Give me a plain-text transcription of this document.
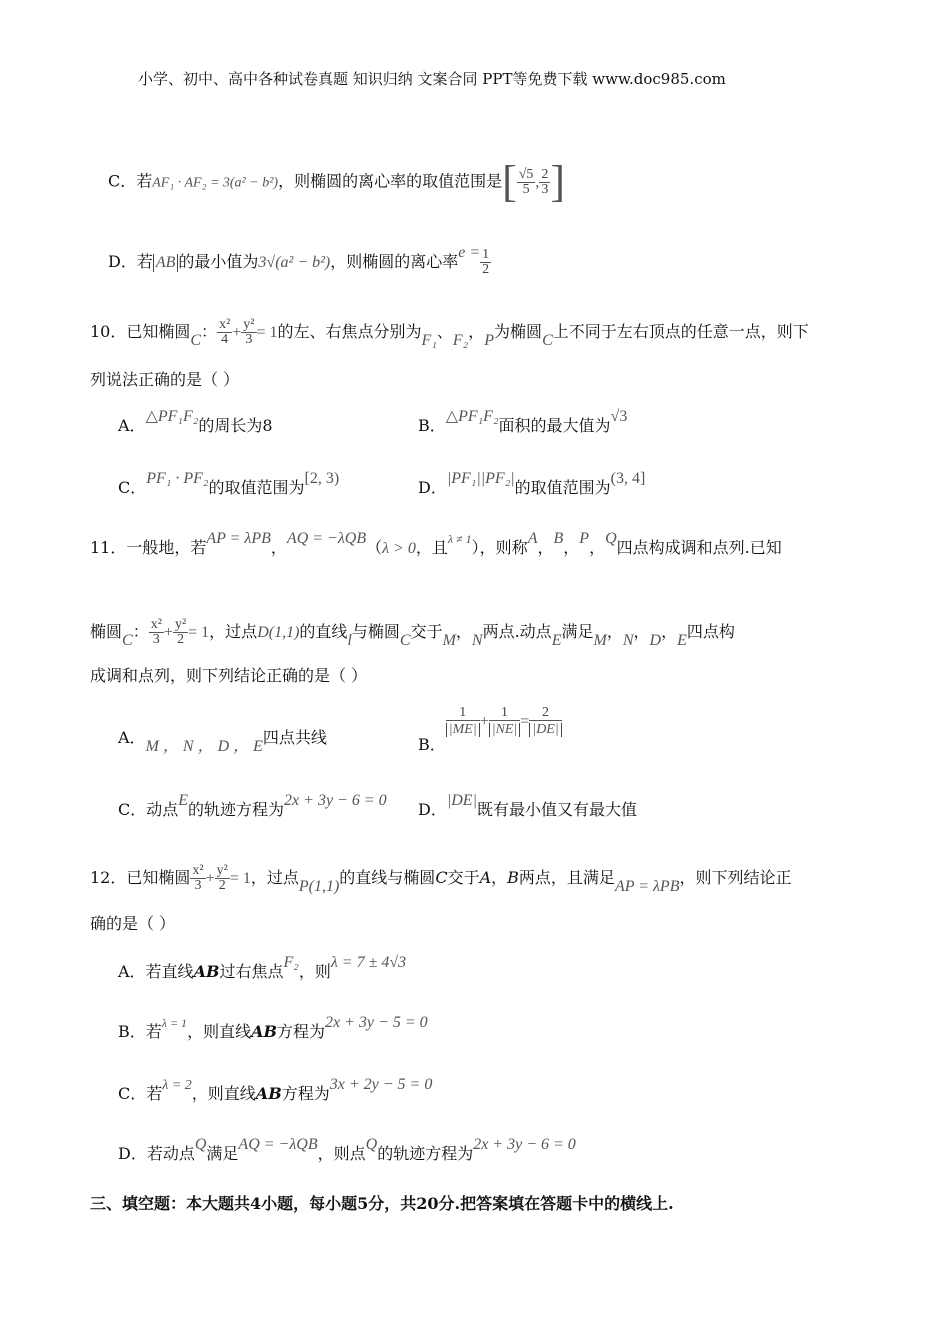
小学、初中、高中各种试卷真题 知识归纳 文案合同 PPT等免费下载 www.doc985.com
C．若AF₁ · AF₂ = 3(a² − b²)，则椭圆的离心率的取值范围是[ $\frac{√5}{5}$ , $\frac{2}{3}$ ]
D．若 AB 的最小值为3√(a² − b²)，则椭圆的离心率$e = \frac{1}{2}$
10．已知椭圆C： $\frac{\text{x²}}{4} + \frac{\text{y²}}{3} = 1$的左、右焦点分别为F₁、F₂，P为椭圆C上不同于左右顶点的任意一点，则下
列说法正确的是（ ）
A．△PF₁F₂的周长为8	B．△PF₁F₂面积的最大值为√3
C．PF₁ · PF₂的取值范围为[2, 3)	D．|PF₁||PF₂|的取值范围为(3, 4]
11．一般地，若AP = λPB，AQ = −λQB（λ > 0，且$^{\lambda \ne 1}$），则称A，B，P，Q四点构成调和点列.已知
椭圆C： $\frac{\text{x²}}{3} + \frac{\text{y²}}{2} = 1$，过点D(1,1)的直线l与椭圆C交于M，N两点.动点E满足M，N，D，E四点构
成调和点列，则下列结论正确的是（ ）
A．M ， N ， D ， E四点共线	B．
$\frac{1}{|ME|} + \frac{1}{|NE|} = \frac{2}{|DE|}$
C．动点E的轨迹方程为2x + 3y − 6 = 0 D．|DE|既有最小值又有最大值
12．已知椭圆 $\frac{\text{x²}}{3} + \frac{\text{y²}}{2} = 1$，过点P(1,1)的直线与椭圆C交于A，B两点，且满足AP = λPB，则下列结论正
确的是（ ）
A．若直线AB过右焦点F₂，则λ = 7 ± 4√3
B．若$^{\lambda = 1}$，则直线AB方程为2x + 3y − 5 = 0
C．若λ = 2，则直线AB方程为3x + 2y − 5 = 0
D．若动点Q满足AQ = −λQB，则点Q的轨迹方程为2x + 3y − 6 = 0
三、填空题：本大题共4小题，每小题5分，共20分.把答案填在答题卡中的横线上.
